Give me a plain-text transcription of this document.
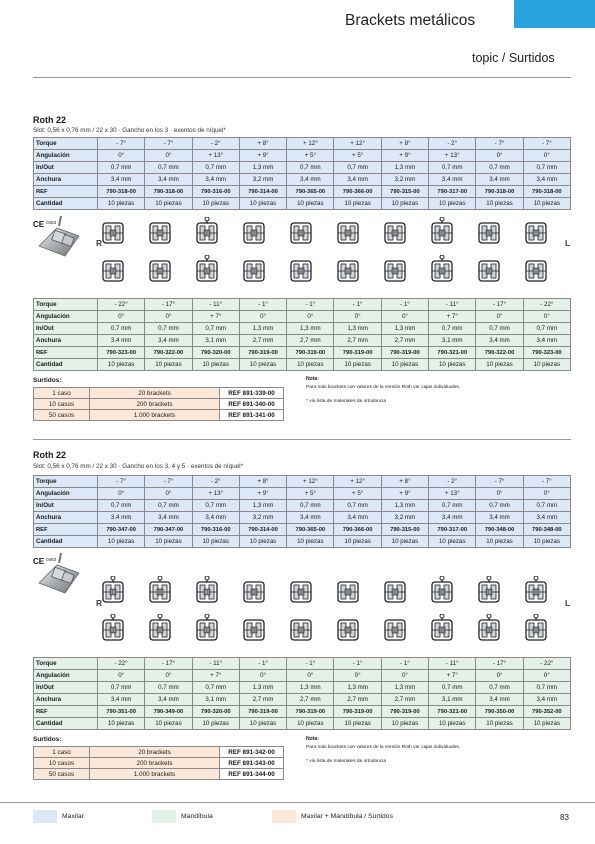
Brackets metálicos
topic / Surtidos
Roth 22
Slot: 0,56 x 0,76 mm / 22 x 30 · Gancho en los 3 · exentos de níquel*
Torque	- 7°	- 7°	- 2°	+ 8°	+ 12°	+ 12°	+ 8°	- 2°	- 7°	- 7°
Angulación	0°	0°	+ 13°	+ 9°	+ 5°	+ 5°	+ 9°	+ 13°	0°	0°
In/Out	0,7 mm	0,7 mm	0,7 mm	1,3 mm	0,7 mm	0,7 mm	1,3 mm	0,7 mm	0,7 mm	0,7 mm
Anchura	3,4 mm	3,4 mm	3,4 mm	3,2 mm	3,4 mm	3,4 mm	3,2 mm	3,4 mm	3,4 mm	3,4 mm
REF	790-318-00	790-318-00	790-316-00	790-314-00	790-365-00	790-366-00	790-315-00	790-317-00	790-318-00	790-318-00
Cantidad	10 piezas	10 piezas	10 piezas	10 piezas	10 piezas	10 piezas	10 piezas	10 piezas	10 piezas	10 piezas
CE $^{0483}$
R	L
Torque	- 22°	- 17°	- 11°	- 1°	- 1°	- 1°	- 1°	- 11°	- 17°	- 22°
Angulación	0°	0°	+ 7°	0°	0°	0°	0°	+ 7°	0°	0°
In/Out	0,7 mm	0,7 mm	0,7 mm	1,3 mm	1,3 mm	1,3 mm	1,3 mm	0,7 mm	0,7 mm	0,7 mm
Anchura	3,4 mm	3,4 mm	3,1 mm	2,7 mm	2,7 mm	2,7 mm	2,7 mm	3,1 mm	3,4 mm	3,4 mm
REF	790-323-00	790-322-00	790-320-00	790-319-00	790-319-00	790-319-00	790-319-00	790-321-00	790-322-00	790-323-00
Cantidad	10 piezas	10 piezas	10 piezas	10 piezas	10 piezas	10 piezas	10 piezas	10 piezas	10 piezas	10 piezas
Surtidos:
1 caso	20 brackets	REF 891-339-00
10 casos	200 brackets	REF 891-340-00
50 casos	1.000 brackets	REF 891-341-00
Nota:
Para más brackets con valores de la versión Roth ver cajas individuales.
* vía lista de materiales de ortodoncia
Roth 22
Slot: 0,56 x 0,76 mm / 22 x 30 · Gancho en los 3, 4 y 5 · exentos de níquel*
Torque	- 7°	- 7°	- 2°	+ 8°	+ 12°	+ 12°	+ 8°	- 2°	- 7°	- 7°
Angulación	0°	0°	+ 13°	+ 9°	+ 5°	+ 5°	+ 9°	+ 13°	0°	0°
In/Out	0,7 mm	0,7 mm	0,7 mm	1,3 mm	0,7 mm	0,7 mm	1,3 mm	0,7 mm	0,7 mm	0,7 mm
Anchura	3,4 mm	3,4 mm	3,4 mm	3,2 mm	3,4 mm	3,4 mm	3,2 mm	3,4 mm	3,4 mm	3,4 mm
REF	790-347-00	790-347-00	790-316-00	790-314-00	790-365-00	790-366-00	790-315-00	790-317-00	790-348-00	790-348-00
Cantidad	10 piezas	10 piezas	10 piezas	10 piezas	10 piezas	10 piezas	10 piezas	10 piezas	10 piezas	10 piezas
CE $^{0483}$
R	L
Torque	- 22°	- 17°	- 11°	- 1°	- 1°	- 1°	- 1°	- 11°	- 17°	- 22°
Angulación	0°	0°	+ 7°	0°	0°	0°	0°	+ 7°	0°	0°
In/Out	0,7 mm	0,7 mm	0,7 mm	1,3 mm	1,3 mm	1,3 mm	1,3 mm	0,7 mm	0,7 mm	0,7 mm
Anchura	3,4 mm	3,4 mm	3,1 mm	2,7 mm	2,7 mm	2,7 mm	2,7 mm	3,1 mm	3,4 mm	3,4 mm
REF	790-351-00	790-349-00	790-320-00	790-319-00	790-319-00	790-319-00	790-319-00	790-321-00	790-350-00	790-352-00
Cantidad	10 piezas	10 piezas	10 piezas	10 piezas	10 piezas	10 piezas	10 piezas	10 piezas	10 piezas	10 piezas
Surtidos:
1 caso	20 brackets	REF 891-342-00
10 casos	200 brackets	REF 891-343-00
50 casos	1.000 brackets	REF 891-344-00
Nota:
Para más brackets con valores de la versión Roth ver cajas individuales.
* vía lista de materiales de ortodoncia
Maxilar	Mandíbula	Maxilar + Mandíbula / Surtidos	83
